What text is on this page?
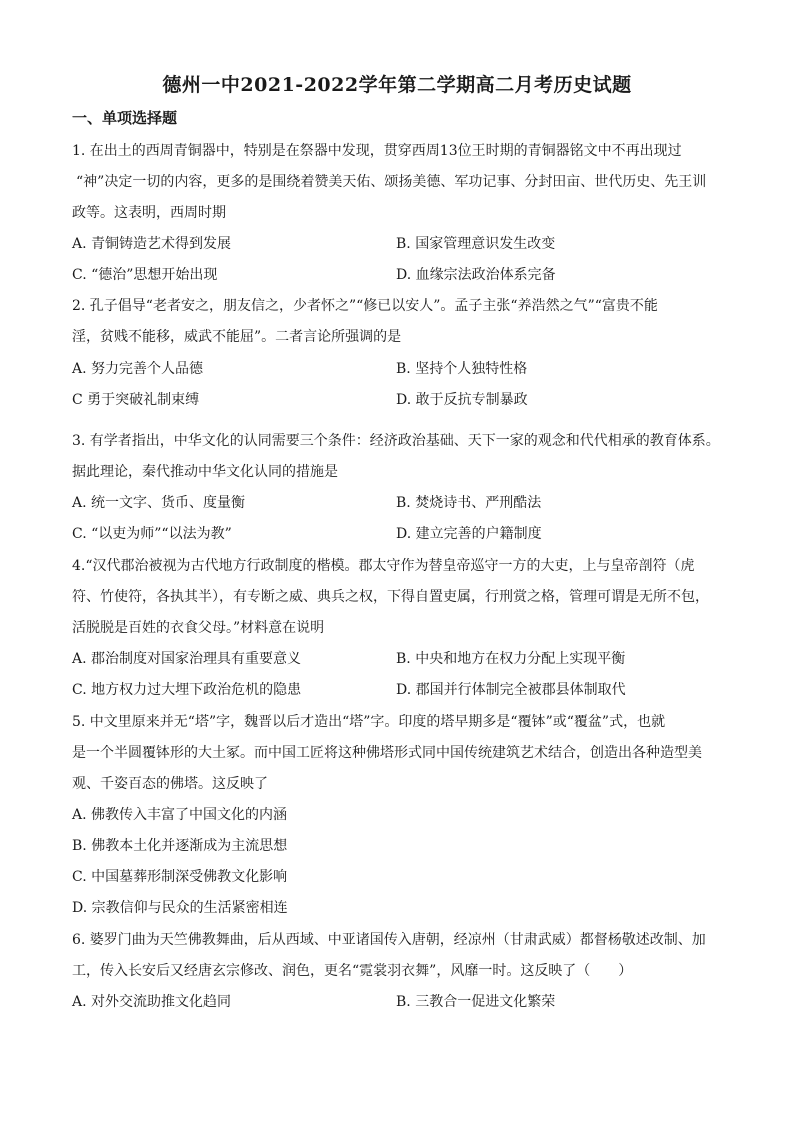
德州一中2021-2022学年第二学期高二月考历史试题
一、单项选择题
1. 在出土的西周青铜器中，特别是在祭器中发现，贯穿西周13位王时期的青铜器铭文中不再出现过
“神”决定一切的内容，更多的是围绕着赞美天佑、颂扬美德、军功记事、分封田亩、世代历史、先王训
政等。这表明，西周时期
A. 青铜铸造艺术得到发展	B. 国家管理意识发生改变
C. “德治”思想开始出现	D. 血缘宗法政治体系完备
2. 孔子倡导“老者安之，朋友信之，少者怀之”“修已以安人”。孟子主张“养浩然之气”“富贵不能
淫，贫贱不能移，威武不能屈”。二者言论所强调的是
A. 努力完善个人品德	B. 坚持个人独特性格
C 勇于突破礼制束缚	D. 敢于反抗专制暴政
3. 有学者指出，中华文化的认同需要三个条件：经济政治基础、天下一家的观念和代代相承的教育体系。
据此理论，秦代推动中华文化认同的措施是
A. 统一文字、货币、度量衡	B. 焚烧诗书、严刑酷法
C. “以吏为师”“以法为教”	D. 建立完善的户籍制度
4.“汉代郡治被视为古代地方行政制度的楷模。郡太守作为替皇帝巡守一方的大吏，上与皇帝剖符（虎
符、竹使符，各执其半），有专断之威、典兵之权，下得自置吏属，行刑赏之格，管理可谓是无所不包，
活脱脱是百姓的衣食父母。”材料意在说明
A. 郡治制度对国家治理具有重要意义	B. 中央和地方在权力分配上实现平衡
C. 地方权力过大埋下政治危机的隐患	D. 郡国并行体制完全被郡县体制取代
5. 中文里原来并无“塔”字，魏晋以后才造出“塔”字。印度的塔早期多是“覆钵”或“覆盆”式，也就
是一个半圆覆钵形的大土冢。而中国工匠将这种佛塔形式同中国传统建筑艺术结合，创造出各种造型美
观、千姿百态的佛塔。这反映了
A. 佛教传入丰富了中国文化的内涵
B. 佛教本土化并逐渐成为主流思想
C. 中国墓葬形制深受佛教文化影响
D. 宗教信仰与民众的生活紧密相连
6. 婆罗门曲为天竺佛教舞曲，后从西域、中亚诸国传入唐朝，经凉州（甘肃武威）都督杨敬述改制、加
工，传入长安后又经唐玄宗修改、润色，更名“霓裳羽衣舞”，风靡一时。这反映了（　　）
A. 对外交流助推文化趋同	B. 三教合一促进文化繁荣
